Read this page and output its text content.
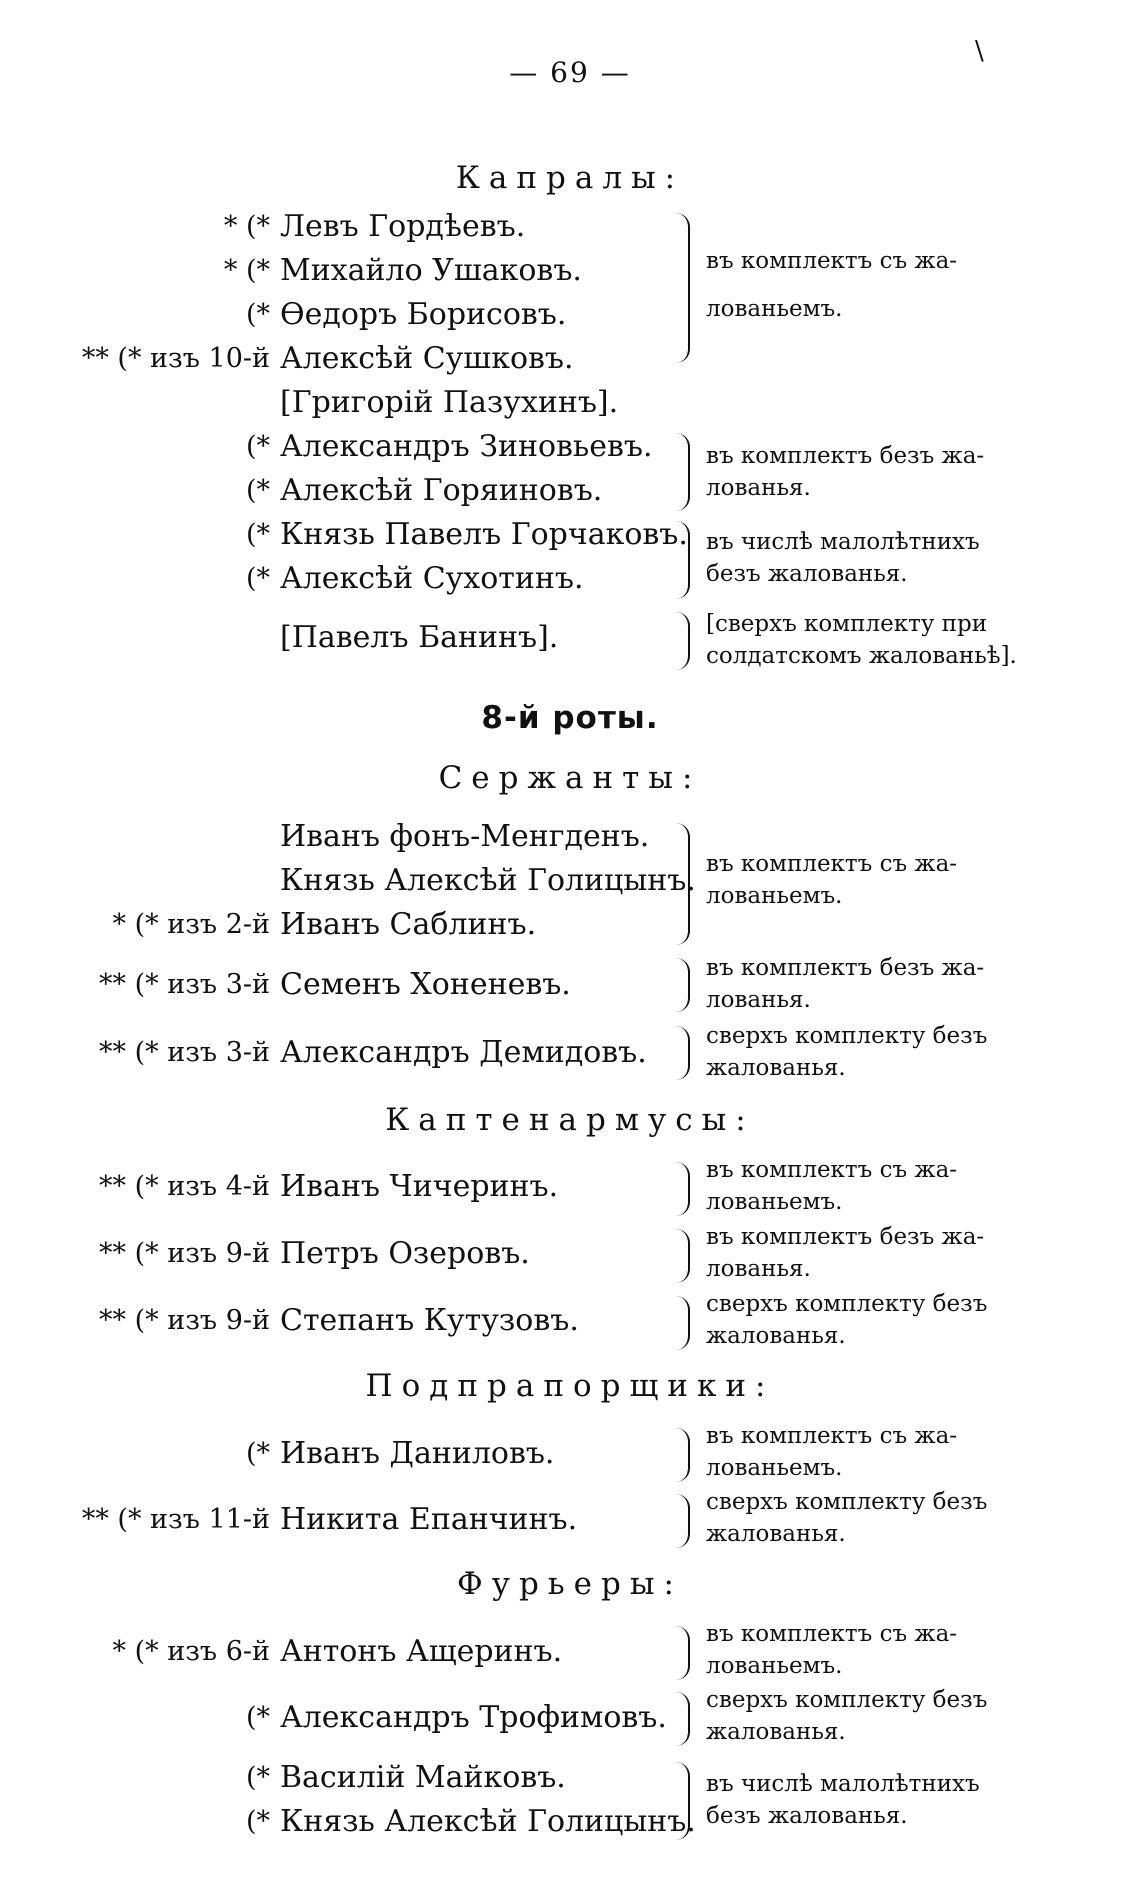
— 69 —
\
Капралы:
* (* Левъ Гордѣевъ.
* (* Михайло Ушаковъ.
(* Ѳедоръ Борисовъ.
** (* изъ 10-й Алексѣй Сушковъ.
[Григорій Пазухинъ].
(* Александръ Зиновьевъ.
(* Алексѣй Горяиновъ.
(* Князь Павелъ Горчаковъ.
(* Алексѣй Сухотинъ.
[Павелъ Банинъ].
въ комплектъ съ жа-
лованьемъ.
въ комплектъ безъ жа-
лованья.
въ числѣ малолѣтнихъ
безъ жалованья.
[сверхъ комплекту при
солдатскомъ жалованьѣ].
8-й роты.
Сержанты:
Иванъ фонъ-Менгденъ.
Князь Алексѣй Голицынъ.
* (* изъ 2-й Иванъ Саблинъ.
** (* изъ 3-й Семенъ Хоненевъ.
** (* изъ 3-й Александръ Демидовъ.
въ комплектъ съ жа-
лованьемъ.
въ комплектъ безъ жа-
лованья.
сверхъ комплекту безъ
жалованья.
Каптенармусы:
** (* изъ 4-й Иванъ Чичеринъ.
** (* изъ 9-й Петръ Озеровъ.
** (* изъ 9-й Степанъ Кутузовъ.
въ комплектъ съ жа-
лованьемъ.
въ комплектъ безъ жа-
лованья.
сверхъ комплекту безъ
жалованья.
Подпрапорщики:
(* Иванъ Даниловъ.
** (* изъ 11-й Никита Епанчинъ.
въ комплектъ съ жа-
лованьемъ.
сверхъ комплекту безъ
жалованья.
Фурьеры:
* (* изъ 6-й Антонъ Ащеринъ.
(* Александръ Трофимовъ.
(* Василій Майковъ.
(* Князь Алексѣй Голицынъ.
въ комплектъ съ жа-
лованьемъ.
сверхъ комплекту безъ
жалованья.
въ числѣ малолѣтнихъ
безъ жалованья.
